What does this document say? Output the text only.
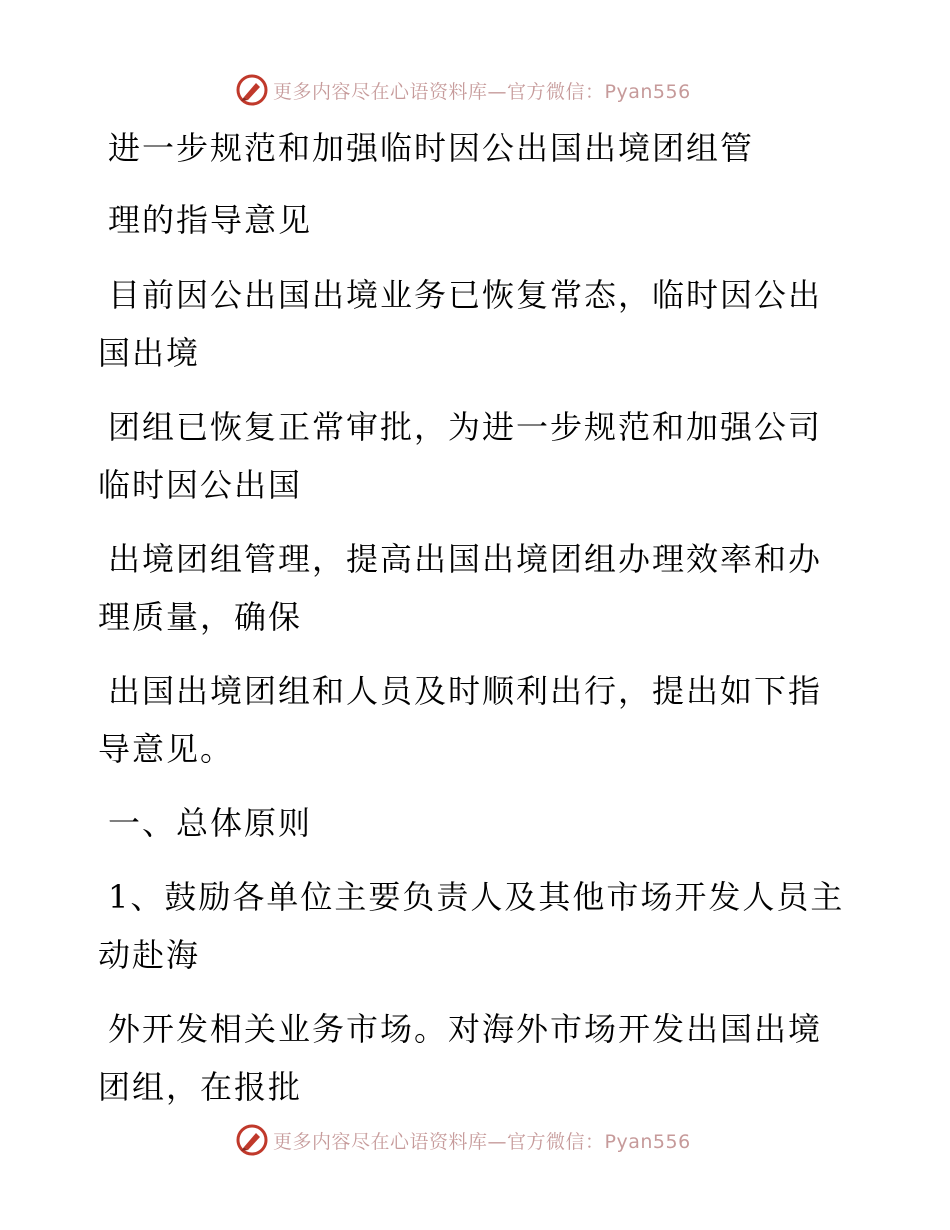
更多内容尽在心语资料库—官方微信：Pyan556
进一步规范和加强临时因公出国出境团组管
理的指导意见
目前因公出国出境业务已恢复常态，临时因公出
国出境
团组已恢复正常审批，为进一步规范和加强公司
临时因公出国
出境团组管理，提高出国出境团组办理效率和办
理质量，确保
出国出境团组和人员及时顺利出行，提出如下指
导意见。
一、总体原则
1、鼓励各单位主要负责人及其他市场开发人员主
动赴海
外开发相关业务市场。对海外市场开发出国出境
团组，在报批
更多内容尽在心语资料库—官方微信：Pyan556
